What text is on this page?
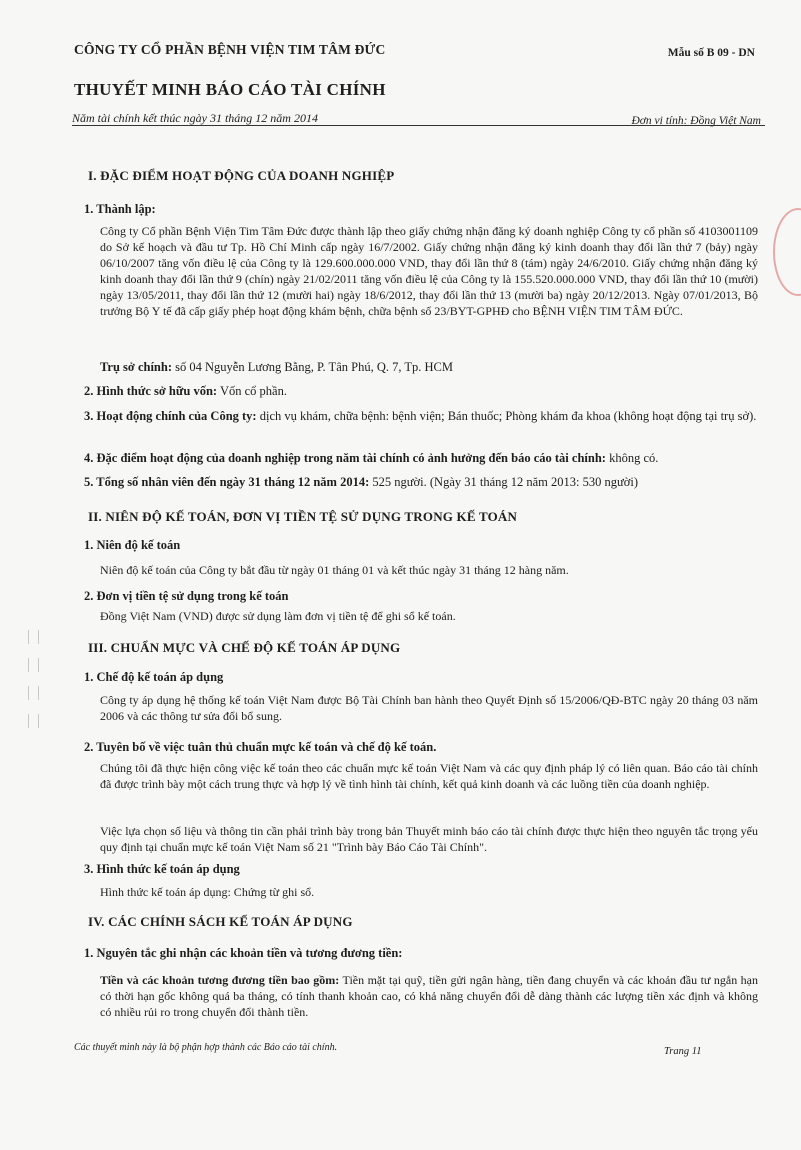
CÔNG TY CỔ PHẦN BỆNH VIỆN TIM TÂM ĐỨC	Mẫu số B 09 - DN
THUYẾT MINH BÁO CÁO TÀI CHÍNH
Năm tài chính kết thúc ngày 31 tháng 12 năm 2014	Đơn vị tính: Đồng Việt Nam
I. ĐẶC ĐIỂM HOẠT ĐỘNG CỦA DOANH NGHIỆP
1. Thành lập:
Công ty Cổ phần Bệnh Viện Tim Tâm Đức được thành lập theo giấy chứng nhận đăng ký doanh nghiệp Công ty cổ phần số 4103001109 do Sở kế hoạch và đầu tư Tp. Hồ Chí Minh cấp ngày 16/7/2002. Giấy chứng nhận đăng ký kinh doanh thay đổi lần thứ 7 (bảy) ngày 06/10/2007 tăng vốn điều lệ của Công ty là 129.600.000.000 VND, thay đổi lần thứ 8 (tám) ngày 24/6/2010. Giấy chứng nhận đăng ký kinh doanh thay đổi lần thứ 9 (chín) ngày 21/02/2011 tăng vốn điều lệ của Công ty là 155.520.000.000 VND, thay đổi lần thứ 10 (mười) ngày 13/05/2011, thay đổi lần thứ 12 (mười hai) ngày 18/6/2012, thay đổi lần thứ 13 (mười ba) ngày 20/12/2013. Ngày 07/01/2013, Bộ trưởng Bộ Y tế đã cấp giấy phép hoạt động khám bệnh, chữa bệnh số 23/BYT-GPHĐ cho BỆNH VIỆN TIM TÂM ĐỨC.
Trụ sở chính: số 04 Nguyễn Lương Bằng, P. Tân Phú, Q. 7, Tp. HCM
2. Hình thức sở hữu vốn: Vốn cổ phần.
3. Hoạt động chính của Công ty: dịch vụ khám, chữa bệnh: bệnh viện; Bán thuốc; Phòng khám đa khoa (không hoạt động tại trụ sở).
4. Đặc điểm hoạt động của doanh nghiệp trong năm tài chính có ảnh hưởng đến báo cáo tài chính: không có.
5. Tổng số nhân viên đến ngày 31 tháng 12 năm 2014: 525 người. (Ngày 31 tháng 12 năm 2013: 530 người)
II. NIÊN ĐỘ KẾ TOÁN, ĐƠN VỊ TIỀN TỆ SỬ DỤNG TRONG KẾ TOÁN
1. Niên độ kế toán
Niên độ kế toán của Công ty bắt đầu từ ngày 01 tháng 01 và kết thúc ngày 31 tháng 12 hàng năm.
2. Đơn vị tiền tệ sử dụng trong kế toán
Đồng Việt Nam (VND) được sử dụng làm đơn vị tiền tệ để ghi sổ kế toán.
III. CHUẨN MỰC VÀ CHẾ ĐỘ KẾ TOÁN ÁP DỤNG
1. Chế độ kế toán áp dụng
Công ty áp dụng hệ thống kế toán Việt Nam được Bộ Tài Chính ban hành theo Quyết Định số 15/2006/QĐ-BTC ngày 20 tháng 03 năm 2006 và các thông tư sửa đổi bổ sung.
2. Tuyên bố về việc tuân thủ chuẩn mực kế toán và chế độ kế toán.
Chúng tôi đã thực hiện công việc kế toán theo các chuẩn mực kế toán Việt Nam và các quy định pháp lý có liên quan. Báo cáo tài chính đã được trình bày một cách trung thực và hợp lý về tình hình tài chính, kết quả kinh doanh và các luồng tiền của doanh nghiệp.
Việc lựa chọn số liệu và thông tin cần phải trình bày trong bản Thuyết minh báo cáo tài chính được thực hiện theo nguyên tắc trọng yếu quy định tại chuẩn mực kế toán Việt Nam số 21 "Trình bày Báo Cáo Tài Chính".
3. Hình thức kế toán áp dụng
Hình thức kế toán áp dụng: Chứng từ ghi sổ.
IV. CÁC CHÍNH SÁCH KẾ TOÁN ÁP DỤNG
1. Nguyên tắc ghi nhận các khoản tiền và tương đương tiền:
Tiền và các khoản tương đương tiền bao gồm: Tiền mặt tại quỹ, tiền gửi ngân hàng, tiền đang chuyển và các khoản đầu tư ngắn hạn có thời hạn gốc không quá ba tháng, có tính thanh khoản cao, có khả năng chuyển đổi dễ dàng thành các lượng tiền xác định và không có nhiều rủi ro trong chuyển đổi thành tiền.
Các thuyết minh này là bộ phận hợp thành các Báo cáo tài chính.	Trang 11
